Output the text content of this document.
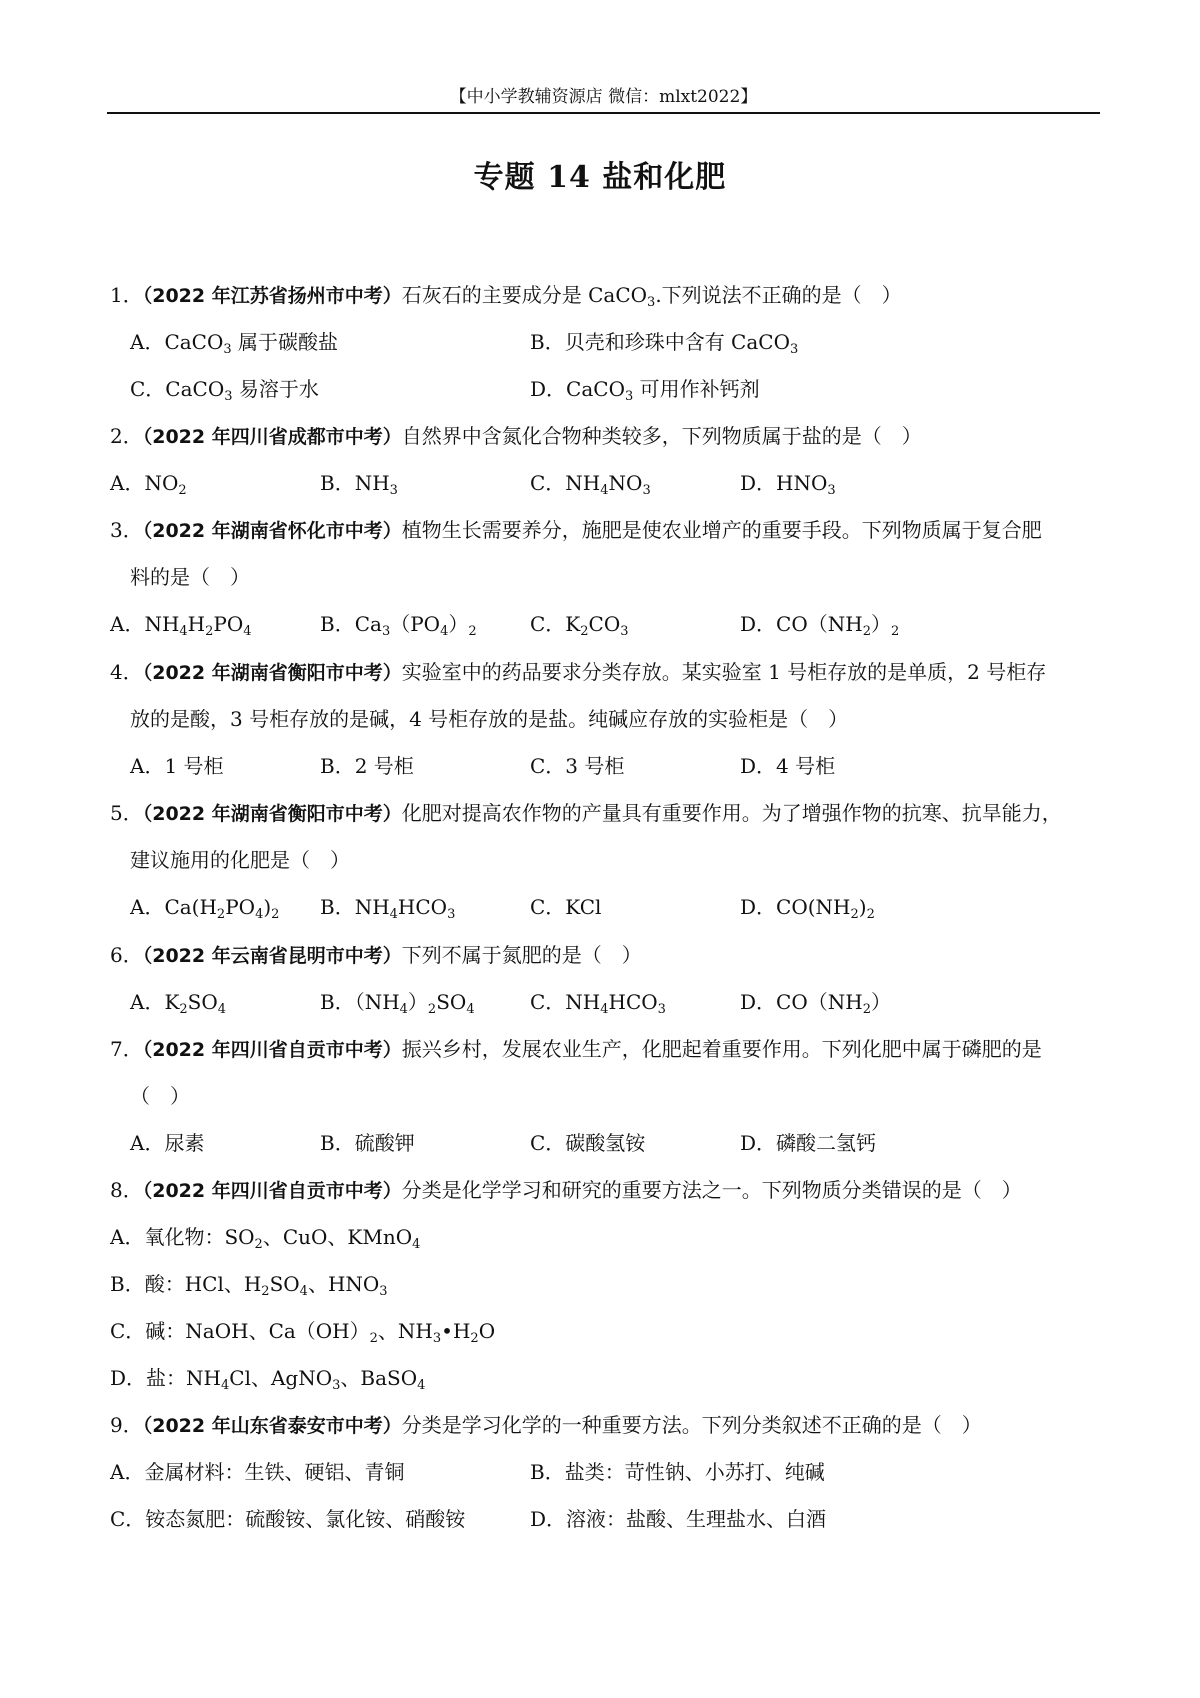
【中小学教辅资源店 微信：mlxt2022】
专题 14 盐和化肥
1．（2022 年江苏省扬州市中考）石灰石的主要成分是 CaCO$_3$.下列说法不正确的是（　）
A．CaCO$_3$ 属于碳酸盐	B．贝壳和珍珠中含有 CaCO$_3$
C．CaCO$_3$ 易溶于水	D．CaCO$_3$ 可用作补钙剂
2．（2022 年四川省成都市中考）自然界中含氮化合物种类较多，下列物质属于盐的是（　）
A．$NO_2$	B．$NH_3$	C．$NH_4NO_3$	D．$HNO_3$
3．（2022 年湖南省怀化市中考）植物生长需要养分，施肥是使农业增产的重要手段。下列物质属于复合肥
料的是（　）
A．$NH_4H_2PO_4$	B．$Ca_3(PO_4)_2$	C．$K_2CO_3$	D．$CO(NH_2)_2$
4．（2022 年湖南省衡阳市中考）实验室中的药品要求分类存放。某实验室 1 号柜存放的是单质，2 号柜存
放的是酸，3 号柜存放的是碱，4 号柜存放的是盐。纯碱应存放的实验柜是（　）
A．1 号柜	B．2 号柜	C．3 号柜	D．4 号柜
5．（2022 年湖南省衡阳市中考）化肥对提高农作物的产量具有重要作用。为了增强作物的抗寒、抗旱能力，
建议施用的化肥是（　）
A．$Ca(H_2PO_4)_2$ B．$NH_4HCO_3$	C．KCl	D．$CO(NH_2)_2$
6．（2022 年云南省昆明市中考）下列不属于氮肥的是（　）
A．$K_2SO_4$	B．$(NH_4)_2SO_4$	C．$NH_4HCO_3$	D．$CO(NH_2)$
7．（2022 年四川省自贡市中考）振兴乡村，发展农业生产，化肥起着重要作用。下列化肥中属于磷肥的是
（　）
A．尿素	B．硫酸钾	C．碳酸氢铵	D．磷酸二氢钙
8．（2022 年四川省自贡市中考）分类是化学学习和研究的重要方法之一。下列物质分类错误的是（　）
A．氧化物：$SO_2$、CuO、KMnO$_4$
B．酸：HCl、$H_2SO_4$、$HNO_3$
C．碱：NaOH、$Ca(OH)_2$、$NH_3•H_2O$
D．盐：$NH_4Cl$、AgNO$_3$、BaSO$_4$
9．（2022 年山东省泰安市中考）分类是学习化学的一种重要方法。下列分类叙述不正确的是（　）
A．金属材料：生铁、硬铝、青铜	B．盐类：苛性钠、小苏打、纯碱
C．铵态氮肥：硫酸铵、氯化铵、硝酸铵	D．溶液：盐酸、生理盐水、白酒
